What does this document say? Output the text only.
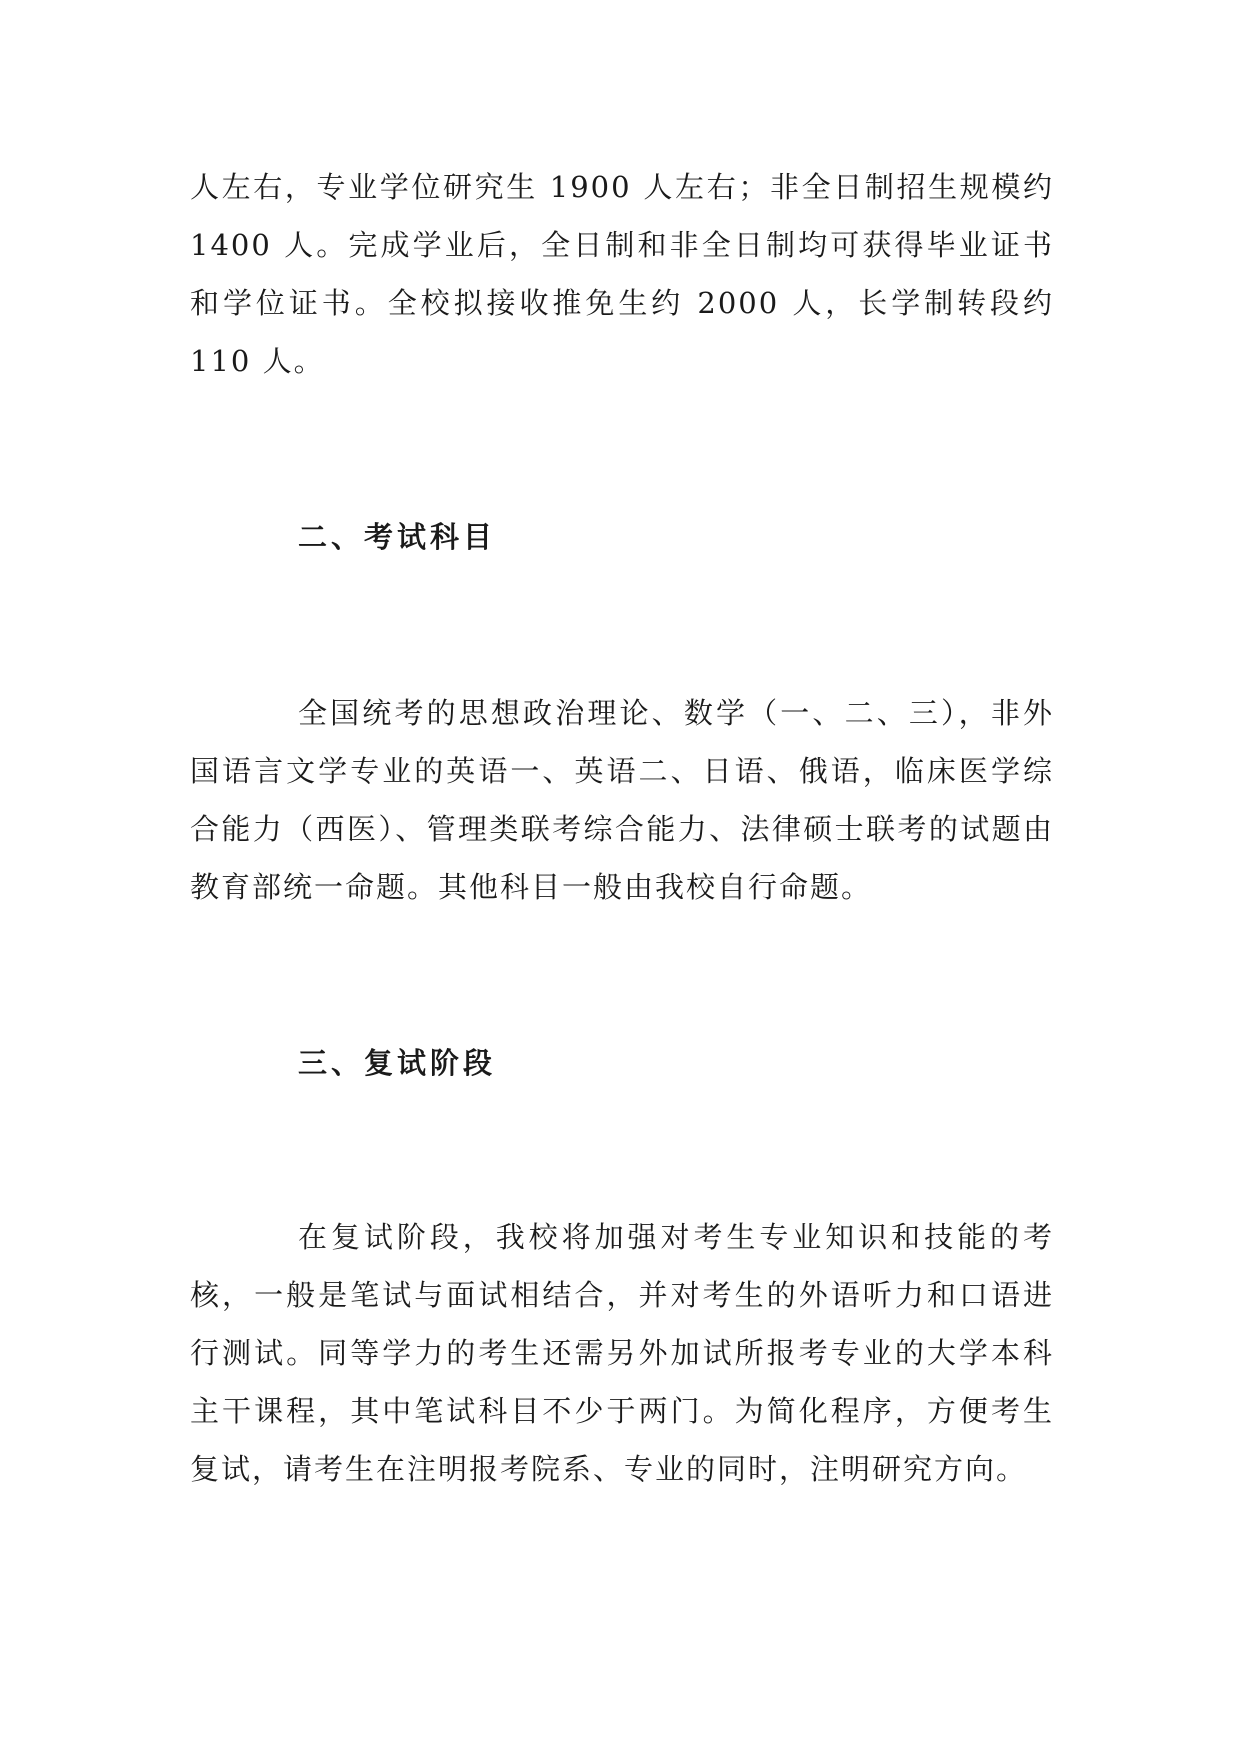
人左右，专业学位研究生 1900 人左右；非全日制招生规模约 1400 人。完成学业后，全日制和非全日制均可获得毕业证书和学位证书。全校拟接收推免生约 2000 人，长学制转段约 110 人。

二、考试科目

全国统考的思想政治理论、数学（一、二、三），非外国语言文学专业的英语一、英语二、日语、俄语，临床医学综合能力（西医）、管理类联考综合能力、法律硕士联考的试题由教育部统一命题。其他科目一般由我校自行命题。

三、复试阶段

在复试阶段，我校将加强对考生专业知识和技能的考核，一般是笔试与面试相结合，并对考生的外语听力和口语进行测试。同等学力的考生还需另外加试所报考专业的大学本科主干课程，其中笔试科目不少于两门。为简化程序，方便考生复试，请考生在注明报考院系、专业的同时，注明研究方向。
